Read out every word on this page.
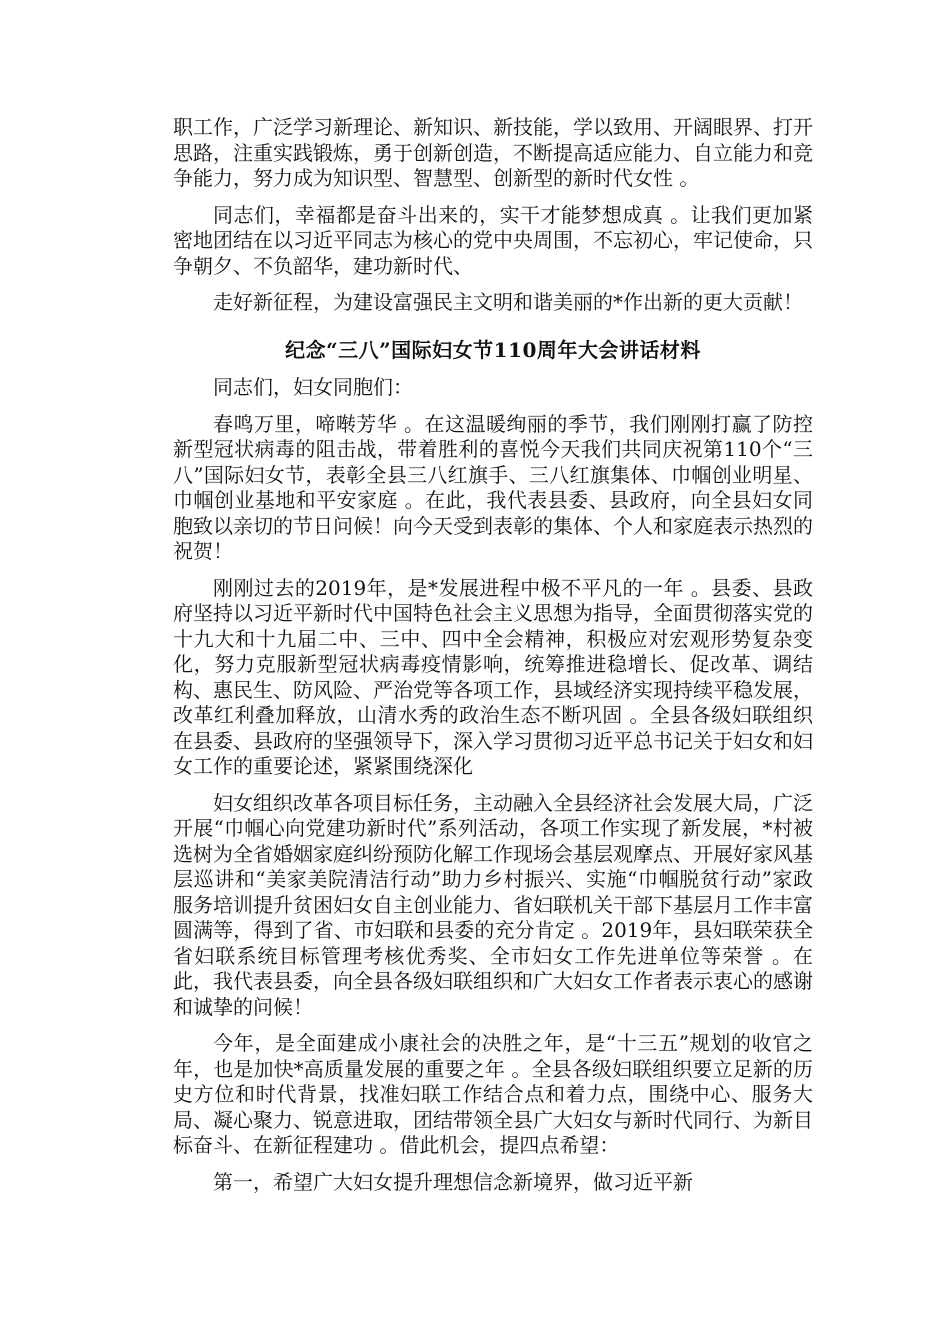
职工作，广泛学习新理论、新知识、新技能，学以致用、开阔眼界、打开思路，注重实践锻炼，勇于创新创造，不断提高适应能力、自立能力和竞争能力，努力成为知识型、智慧型、创新型的新时代女性 。

同志们，幸福都是奋斗出来的，实干才能梦想成真 。让我们更加紧密地团结在以习近平同志为核心的党中央周围，不忘初心，牢记使命，只争朝夕、不负韶华，建功新时代、

走好新征程，为建设富强民主文明和谐美丽的*作出新的更大贡献！

纪念“三八”国际妇女节110周年大会讲话材料

同志们，妇女同胞们：

春鸣万里，啼啭芳华 。在这温暖绚丽的季节，我们刚刚打赢了防控新型冠状病毒的阻击战，带着胜利的喜悦今天我们共同庆祝第110个“三八”国际妇女节，表彰全县三八红旗手、三八红旗集体、巾帼创业明星、巾帼创业基地和平安家庭 。在此，我代表县委、县政府，向全县妇女同胞致以亲切的节日问候！向今天受到表彰的集体、个人和家庭表示热烈的祝贺！

刚刚过去的2019年，是*发展进程中极不平凡的一年 。县委、县政府坚持以习近平新时代中国特色社会主义思想为指导，全面贯彻落实党的十九大和十九届二中、三中、四中全会精神，积极应对宏观形势复杂变化，努力克服新型冠状病毒疫情影响，统筹推进稳增长、促改革、调结构、惠民生、防风险、严治党等各项工作，县域经济实现持续平稳发展，改革红利叠加释放，山清水秀的政治生态不断巩固 。全县各级妇联组织在县委、县政府的坚强领导下，深入学习贯彻习近平总书记关于妇女和妇女工作的重要论述，紧紧围绕深化

妇女组织改革各项目标任务，主动融入全县经济社会发展大局，广泛开展“巾帼心向党建功新时代”系列活动，各项工作实现了新发展，*村被选树为全省婚姻家庭纠纷预防化解工作现场会基层观摩点、开展好家风基层巡讲和“美家美院清洁行动”助力乡村振兴、实施“巾帼脱贫行动”家政服务培训提升贫困妇女自主创业能力、省妇联机关干部下基层月工作丰富圆满等，得到了省、市妇联和县委的充分肯定 。2019年，县妇联荣获全省妇联系统目标管理考核优秀奖、全市妇女工作先进单位等荣誉 。在此，我代表县委，向全县各级妇联组织和广大妇女工作者表示衷心的感谢和诚挚的问候！

今年，是全面建成小康社会的决胜之年，是“十三五”规划的收官之年，也是加快*高质量发展的重要之年 。全县各级妇联组织要立足新的历史方位和时代背景，找准妇联工作结合点和着力点，围绕中心、服务大局、凝心聚力、锐意进取，团结带领全县广大妇女与新时代同行、为新目标奋斗、在新征程建功 。借此机会，提四点希望：

第一，希望广大妇女提升理想信念新境界，做习近平新
